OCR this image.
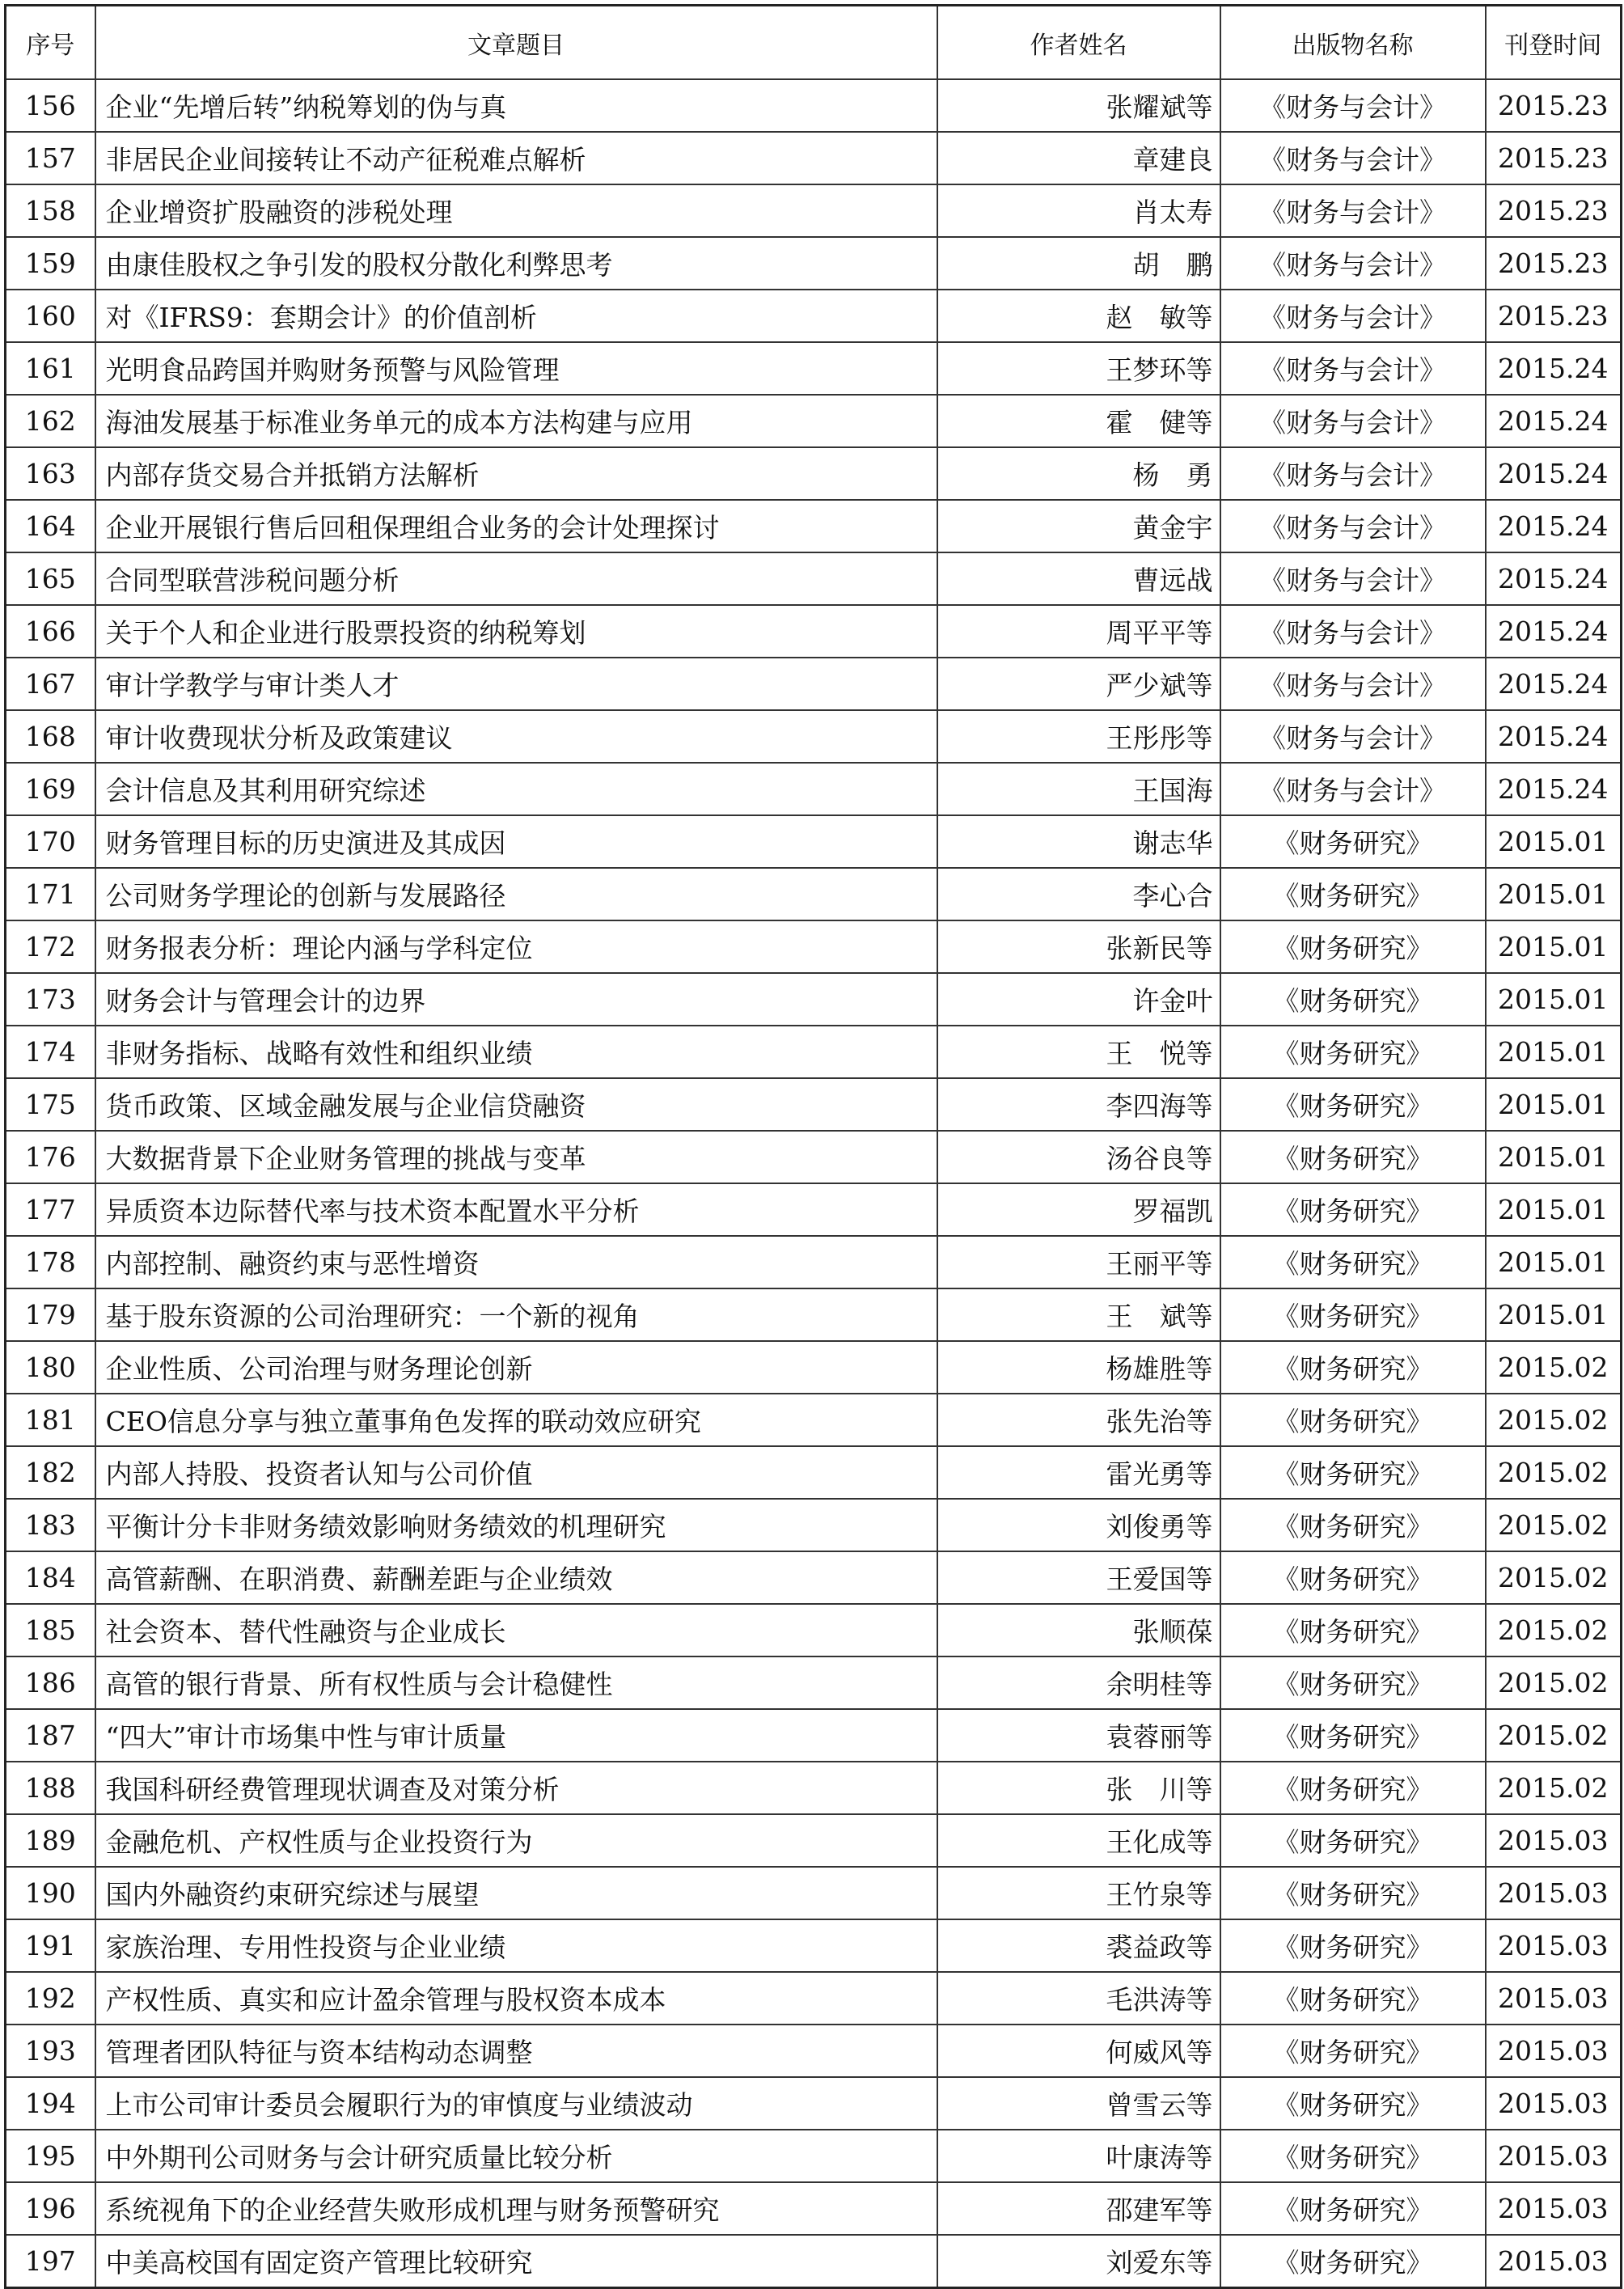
序号	文章题目	作者姓名	出版物名称	刊登时间
156	企业“先增后转”纳税筹划的伪与真	张耀斌等	《财务与会计》	2015.23
157	非居民企业间接转让不动产征税难点解析	章建良	《财务与会计》	2015.23
158	企业增资扩股融资的涉税处理	肖太寿	《财务与会计》	2015.23
159	由康佳股权之争引发的股权分散化利弊思考	胡　鹏	《财务与会计》	2015.23
160	对《IFRS9：套期会计》的价值剖析	赵　敏等	《财务与会计》	2015.23
161	光明食品跨国并购财务预警与风险管理	王梦环等	《财务与会计》	2015.24
162	海油发展基于标准业务单元的成本方法构建与应用	霍　健等	《财务与会计》	2015.24
163	内部存货交易合并抵销方法解析	杨　勇	《财务与会计》	2015.24
164	企业开展银行售后回租保理组合业务的会计处理探讨	黄金宇	《财务与会计》	2015.24
165	合同型联营涉税问题分析	曹远战	《财务与会计》	2015.24
166	关于个人和企业进行股票投资的纳税筹划	周平平等	《财务与会计》	2015.24
167	审计学教学与审计类人才	严少斌等	《财务与会计》	2015.24
168	审计收费现状分析及政策建议	王彤彤等	《财务与会计》	2015.24
169	会计信息及其利用研究综述	王国海	《财务与会计》	2015.24
170	财务管理目标的历史演进及其成因	谢志华	《财务研究》	2015.01
171	公司财务学理论的创新与发展路径	李心合	《财务研究》	2015.01
172	财务报表分析：理论内涵与学科定位	张新民等	《财务研究》	2015.01
173	财务会计与管理会计的边界	许金叶	《财务研究》	2015.01
174	非财务指标、战略有效性和组织业绩	王　悦等	《财务研究》	2015.01
175	货币政策、区域金融发展与企业信贷融资	李四海等	《财务研究》	2015.01
176	大数据背景下企业财务管理的挑战与变革	汤谷良等	《财务研究》	2015.01
177	异质资本边际替代率与技术资本配置水平分析	罗福凯	《财务研究》	2015.01
178	内部控制、融资约束与恶性增资	王丽平等	《财务研究》	2015.01
179	基于股东资源的公司治理研究：一个新的视角	王　斌等	《财务研究》	2015.01
180	企业性质、公司治理与财务理论创新	杨雄胜等	《财务研究》	2015.02
181	CEO信息分享与独立董事角色发挥的联动效应研究	张先治等	《财务研究》	2015.02
182	内部人持股、投资者认知与公司价值	雷光勇等	《财务研究》	2015.02
183	平衡计分卡非财务绩效影响财务绩效的机理研究	刘俊勇等	《财务研究》	2015.02
184	高管薪酬、在职消费、薪酬差距与企业绩效	王爱国等	《财务研究》	2015.02
185	社会资本、替代性融资与企业成长	张顺葆	《财务研究》	2015.02
186	高管的银行背景、所有权性质与会计稳健性	余明桂等	《财务研究》	2015.02
187	“四大”审计市场集中性与审计质量	袁蓉丽等	《财务研究》	2015.02
188	我国科研经费管理现状调查及对策分析	张　川等	《财务研究》	2015.02
189	金融危机、产权性质与企业投资行为	王化成等	《财务研究》	2015.03
190	国内外融资约束研究综述与展望	王竹泉等	《财务研究》	2015.03
191	家族治理、专用性投资与企业业绩	裘益政等	《财务研究》	2015.03
192	产权性质、真实和应计盈余管理与股权资本成本	毛洪涛等	《财务研究》	2015.03
193	管理者团队特征与资本结构动态调整	何威风等	《财务研究》	2015.03
194	上市公司审计委员会履职行为的审慎度与业绩波动	曾雪云等	《财务研究》	2015.03
195	中外期刊公司财务与会计研究质量比较分析	叶康涛等	《财务研究》	2015.03
196	系统视角下的企业经营失败形成机理与财务预警研究	邵建军等	《财务研究》	2015.03
197	中美高校国有固定资产管理比较研究	刘爱东等	《财务研究》	2015.03
